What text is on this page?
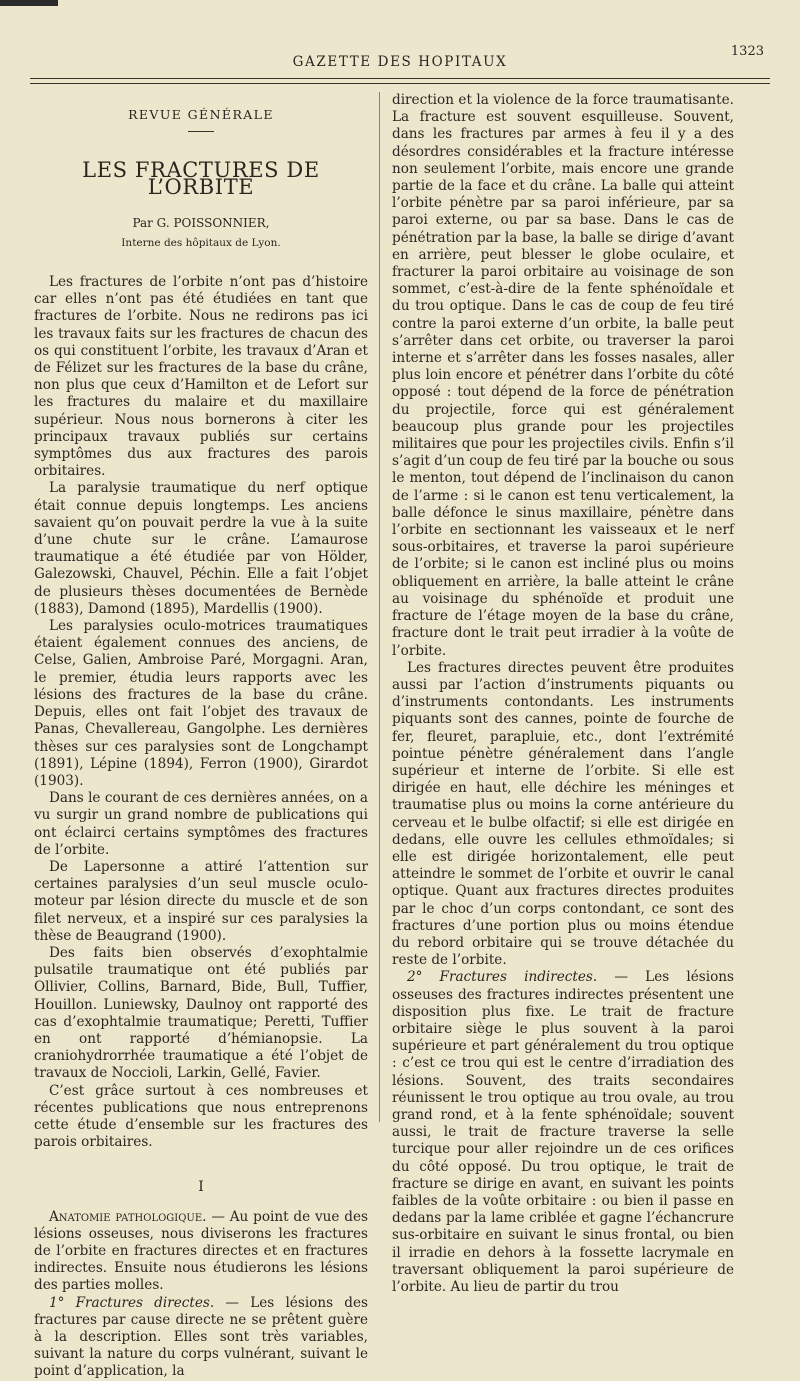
GAZETTE DES HOPITAUX
1323
REVUE GÉNÉRALE
LES FRACTURES DE L’ORBITE
Par G. POISSONNIER,
Interne des hôpitaux de Lyon.

Les fractures de l’orbite n’ont pas d’histoire car elles n’ont pas été étudiées en tant que fractures de l’orbite. Nous ne redirons pas ici les travaux faits sur les fractures de chacun des os qui constituent l’orbite, les travaux d’Aran et de Félizet sur les fractures de la base du crâne, non plus que ceux d’Hamilton et de Lefort sur les fractures du malaire et du maxillaire supérieur. Nous nous bornerons à citer les principaux travaux publiés sur certains symptômes dus aux fractures des parois orbitaires.

La paralysie traumatique du nerf optique était connue depuis longtemps. Les anciens savaient qu’on pouvait perdre la vue à la suite d’une chute sur le crâne. L’amaurose traumatique a été étudiée par von Hölder, Galezowski, Chauvel, Péchin. Elle a fait l’objet de plusieurs thèses documentées de Bernède (1883), Damond (1895), Mardellis (1900).

Les paralysies oculo-motrices traumatiques étaient également connues des anciens, de Celse, Galien, Ambroise Paré, Morgagni. Aran, le premier, étudia leurs rapports avec les lésions des fractures de la base du crâne. Depuis, elles ont fait l’objet des travaux de Panas, Chevallereau, Gangolphe. Les dernières thèses sur ces paralysies sont de Longchampt (1891), Lépine (1894), Ferron (1900), Girardot (1903).

Dans le courant de ces dernières années, on a vu surgir un grand nombre de publications qui ont éclairci certains symptômes des fractures de l’orbite.

De Lapersonne a attiré l’attention sur certaines paralysies d’un seul muscle oculo-moteur par lésion directe du muscle et de son filet nerveux, et a inspiré sur ces paralysies la thèse de Beaugrand (1900).

Des faits bien observés d’exophtalmie pulsatile traumatique ont été publiés par Ollivier, Collins, Barnard, Bide, Bull, Tuffier, Houillon. Luniewsky, Daulnoy ont rapporté des cas d’exophtalmie traumatique; Peretti, Tuffier en ont rapporté d’hémianopsie. La craniohydrorrhée traumatique a été l’objet de travaux de Noccioli, Larkin, Gellé, Favier.

C’est grâce surtout à ces nombreuses et récentes publications que nous entreprenons cette étude d’ensemble sur les fractures des parois orbitaires.

I

Anatomie pathologique. — Au point de vue des lésions osseuses, nous diviserons les fractures de l’orbite en fractures directes et en fractures indirectes. Ensuite nous étudierons les lésions des parties molles.

1° Fractures directes. — Les lésions des fractures par cause directe ne se prêtent guère à la description. Elles sont très variables, suivant la nature du corps vulnérant, suivant le point d’application, la

direction et la violence de la force traumatisante. La fracture est souvent esquilleuse. Souvent, dans les fractures par armes à feu il y a des désordres considérables et la fracture intéresse non seulement l’orbite, mais encore une grande partie de la face et du crâne. La balle qui atteint l’orbite pénètre par sa paroi inférieure, par sa paroi externe, ou par sa base. Dans le cas de pénétration par la base, la balle se dirige d’avant en arrière, peut blesser le globe oculaire, et fracturer la paroi orbitaire au voisinage de son sommet, c’est-à-dire de la fente sphénoïdale et du trou optique. Dans le cas de coup de feu tiré contre la paroi externe d’un orbite, la balle peut s’arrêter dans cet orbite, ou traverser la paroi interne et s’arrêter dans les fosses nasales, aller plus loin encore et pénétrer dans l’orbite du côté opposé : tout dépend de la force de pénétration du projectile, force qui est généralement beaucoup plus grande pour les projectiles militaires que pour les projectiles civils. Enfin s’il s’agit d’un coup de feu tiré par la bouche ou sous le menton, tout dépend de l’inclinaison du canon de l’arme : si le canon est tenu verticalement, la balle défonce le sinus maxillaire, pénètre dans l’orbite en sectionnant les vaisseaux et le nerf sous-orbitaires, et traverse la paroi supérieure de l’orbite; si le canon est incliné plus ou moins obliquement en arrière, la balle atteint le crâne au voisinage du sphénoïde et produit une fracture de l’étage moyen de la base du crâne, fracture dont le trait peut irradier à la voûte de l’orbite.

Les fractures directes peuvent être produites aussi par l’action d’instruments piquants ou d’instruments contondants. Les instruments piquants sont des cannes, pointe de fourche de fer, fleuret, parapluie, etc., dont l’extrémité pointue pénètre généralement dans l’angle supérieur et interne de l’orbite. Si elle est dirigée en haut, elle déchire les méninges et traumatise plus ou moins la corne antérieure du cerveau et le bulbe olfactif; si elle est dirigée en dedans, elle ouvre les cellules ethmoïdales; si elle est dirigée horizontalement, elle peut atteindre le sommet de l’orbite et ouvrir le canal optique. Quant aux fractures directes produites par le choc d’un corps contondant, ce sont des fractures d’une portion plus ou moins étendue du rebord orbitaire qui se trouve détachée du reste de l’orbite.

2° Fractures indirectes. — Les lésions osseuses des fractures indirectes présentent une disposition plus fixe. Le trait de fracture orbitaire siège le plus souvent à la paroi supérieure et part généralement du trou optique : c’est ce trou qui est le centre d’irradiation des lésions. Souvent, des traits secondaires réunissent le trou optique au trou ovale, au trou grand rond, et à la fente sphénoïdale; souvent aussi, le trait de fracture traverse la selle turcique pour aller rejoindre un de ces orifices du côté opposé. Du trou optique, le trait de fracture se dirige en avant, en suivant les points faibles de la voûte orbitaire : ou bien il passe en dedans par la lame criblée et gagne l’échancrure sus-orbitaire en suivant le sinus frontal, ou bien il irradie en dehors à la fossette lacrymale en traversant obliquement la paroi supérieure de l’orbite. Au lieu de partir du trou
